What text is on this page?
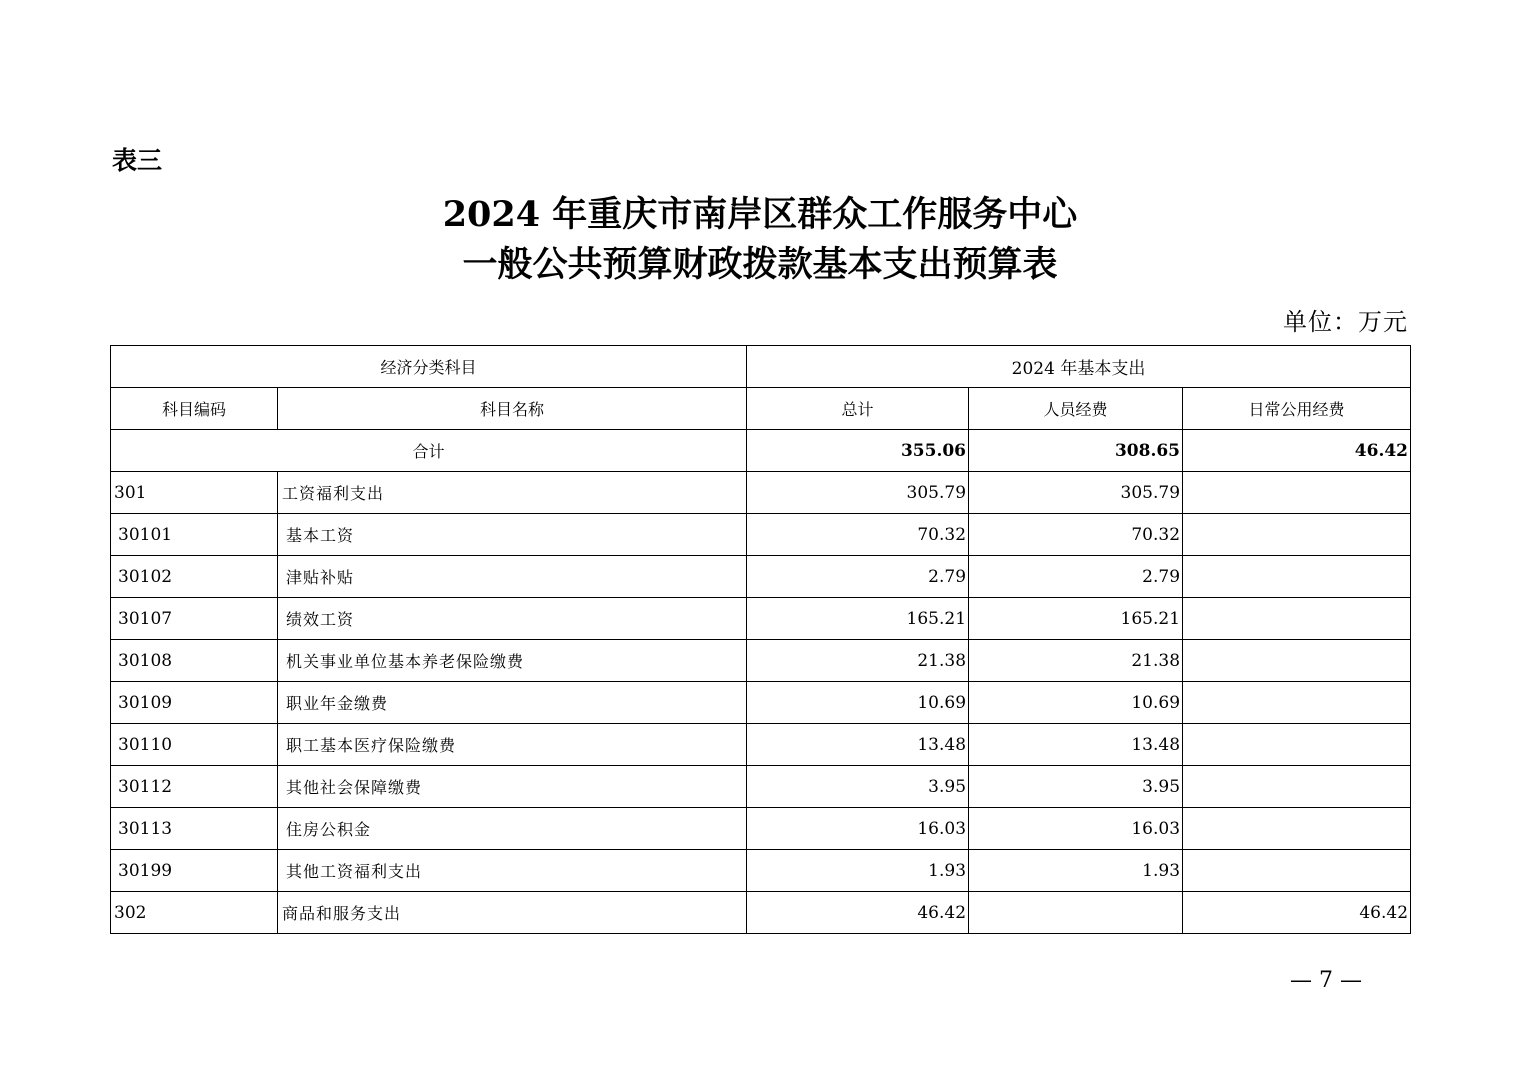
表三
2024 年重庆市南岸区群众工作服务中心
一般公共预算财政拨款基本支出预算表
单位：万元
经济分类科目		2024 年基本支出		
科目编码	科目名称	总计	人员经费	日常公用经费
合计		355.06	308.65	46.42
301	工资福利支出	305.79	305.79	
30101	基本工资	70.32	70.32	
30102	津贴补贴	2.79	2.79	
30107	绩效工资	165.21	165.21	
30108	机关事业单位基本养老保险缴费	21.38	21.38	
30109	职业年金缴费	10.69	10.69	
30110	职工基本医疗保险缴费	13.48	13.48	
30112	其他社会保障缴费	3.95	3.95	
30113	住房公积金	16.03	16.03	
30199	其他工资福利支出	1.93	1.93	
302	商品和服务支出	46.42		46.42
— 7 —
